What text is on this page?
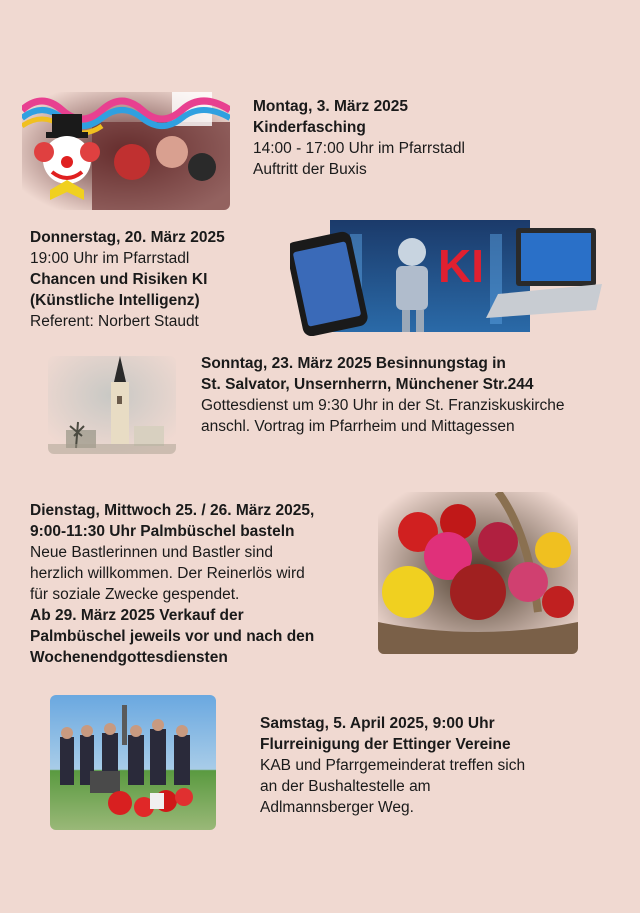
Montag, 3. März 2025
Kinderfasching
14:00 - 17:00 Uhr im Pfarrstadl
Auftritt der Buxis
Donnerstag, 20. März 2025
19:00 Uhr im Pfarrstadl
Chancen und Risiken KI
(Künstliche Intelligenz)
Referent: Norbert Staudt
KI
Sonntag, 23. März 2025 Besinnungstag in
St. Salvator, Unsernherrn, Münchener Str.244
Gottesdienst um 9:30 Uhr in der St. Franziskuskirche
anschl. Vortrag im Pfarrheim und Mittagessen
Dienstag, Mittwoch 25. / 26. März 2025,
9:00-11:30 Uhr Palmbüschel basteln
Neue Bastlerinnen und Bastler sind
herzlich willkommen. Der Reinerlös wird
für soziale Zwecke gespendet.
Ab 29. März 2025 Verkauf der
Palmbüschel jeweils vor und nach den
Wochenendgottesdiensten
Samstag, 5. April 2025, 9:00 Uhr
Flurreinigung der Ettinger Vereine
KAB und Pfarrgemeinderat treffen sich
an der Bushaltestelle am
Adlmannsberger Weg.
